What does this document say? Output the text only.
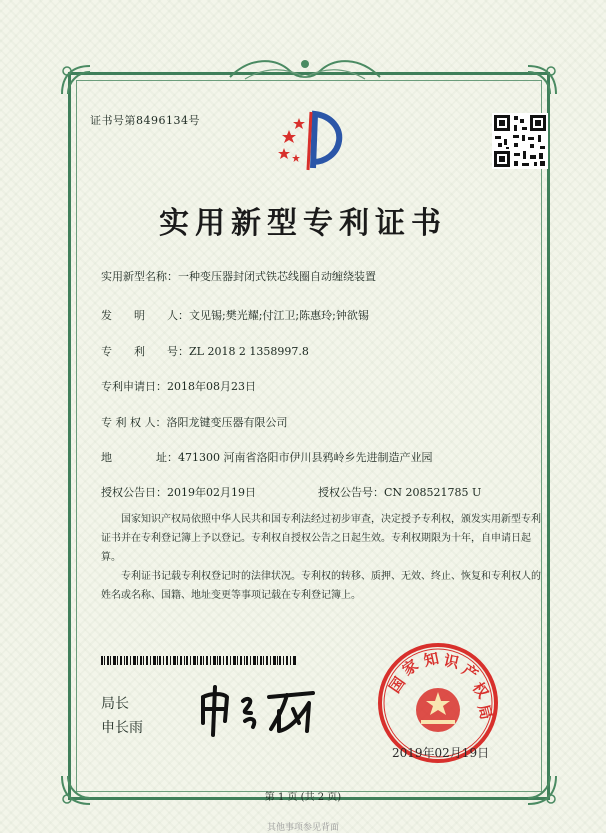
证书号第8496134号
实用新型专利证书
实用新型名称：一种变压器封闭式铁芯线圈自动缠绕装置
发　　明　　人：文见锡;樊光耀;付江卫;陈惠玲;钟欲锡
专　　利　　号：ZL 2018 2 1358997.8
专利申请日：2018年08月23日
专 利 权 人：洛阳龙键变压器有限公司
地　　　　址：471300 河南省洛阳市伊川县鸦岭乡先进制造产业园
授权公告日：2019年02月19日	授权公告号：CN 208521785 U

国家知识产权局依照中华人民共和国专利法经过初步审查，决定授予专利权，颁发实用新型专利证书并在专利登记簿上予以登记。专利权自授权公告之日起生效。专利权期限为十年，自申请日起算。

专利证书记载专利权登记时的法律状况。专利权的转移、质押、无效、终止、恢复和专利权人的姓名或名称、国籍、地址变更等事项记载在专利登记簿上。

局长
申长雨
国
家 知 识
产
权
局
2019年02月19日
第 1 页 (共 2 页)
其他事项参见背面
